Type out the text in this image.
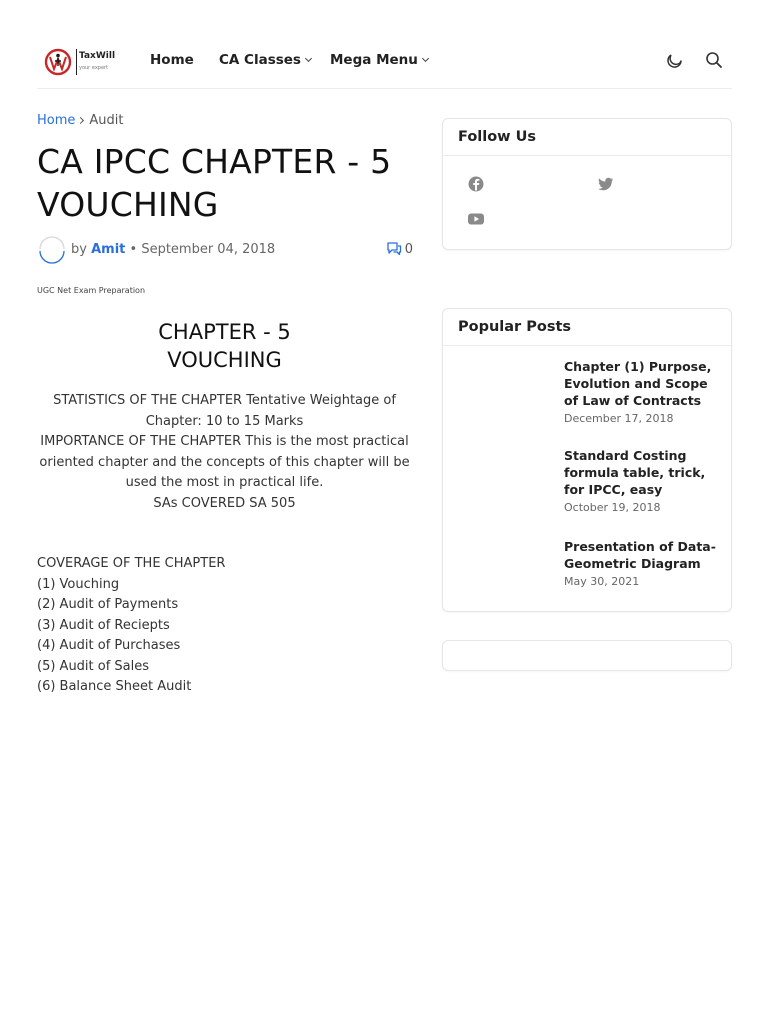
TaxWill
your expert	Home CA Classes	Mega Menu
Home Audit
CA IPCC CHAPTER - 5 VOUCHING
by Amit • September 04, 2018	0
UGC Net Exam Preparation
CHAPTER - 5
VOUCHING

STATISTICS OF THE CHAPTER Tentative Weightage of Chapter: 10 to 15 Marks

IMPORTANCE OF THE CHAPTER This is the most practical oriented chapter and the concepts of this chapter will be used the most in practical life.

SAs COVERED SA 505

COVERAGE OF THE CHAPTER
(1) Vouching
(2) Audit of Payments
(3) Audit of Reciepts
(4) Audit of Purchases
(5) Audit of Sales
(6) Balance Sheet Audit
Follow Us
Popular Posts
Chapter (1) Purpose, Evolution and Scope of Law of Contracts
December 17, 2018
Standard Costing formula table, trick, for IPCC, easy
October 19, 2018
Presentation of Data-Geometric Diagram
May 30, 2021
